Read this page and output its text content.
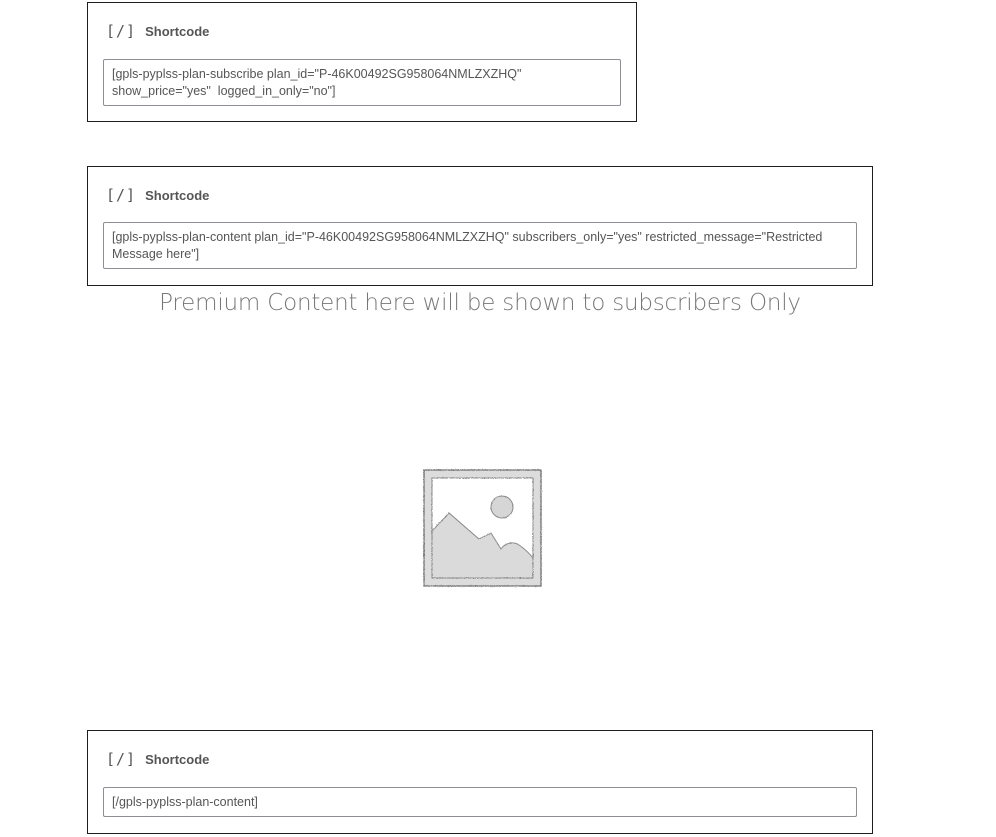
[/] Shortcode
[gpls-pyplss-plan-subscribe plan_id="P-46K00492SG958064NMLZXZHQ"
show_price="yes"  logged_in_only="no"]
[/] Shortcode
[gpls-pyplss-plan-content plan_id="P-46K00492SG958064NMLZXZHQ" subscribers_only="yes" restricted_message="Restricted Message here"]
Premium Content here will be shown to subscribers Only
[/] Shortcode
[/gpls-pyplss-plan-content]
